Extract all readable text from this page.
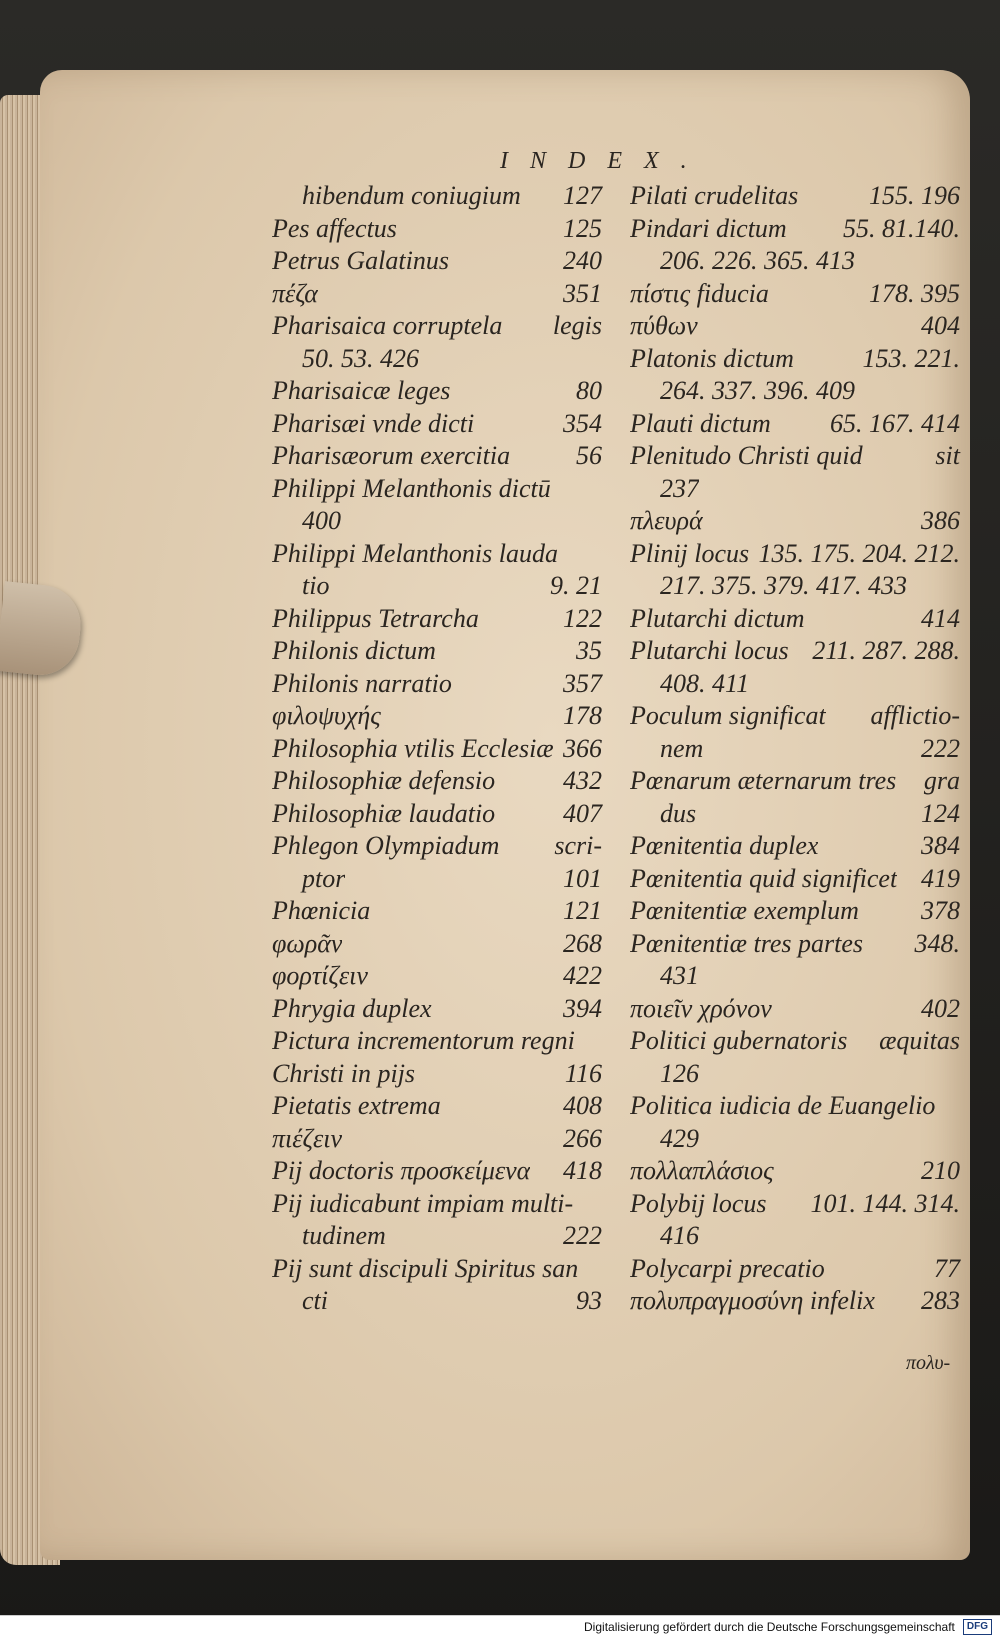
INDEX.
hibendum coniugium 127
Pes affectus	125
Petrus Galatinus	240
πέζα	351
Pharisaica corruptela legis
50. 53. 426
Pharisaicæ leges	80
Pharisæi vnde dicti	354
Pharisæorum exercitia	56
Philippi Melanthonis dictū
400
Philippi Melanthonis lauda
tio	9. 21
Philippus Tetrarcha	122
Philonis dictum	35
Philonis narratio	357
φιλοψυχής	178
Philosophia vtilis Ecclesiæ 366
Philosophiæ defensio	432
Philosophiæ laudatio	407
Phlegon Olympiadum scri-
ptor	101
Phœnicia	121
φωρᾶν	268
φορτίζειν	422
Phrygia duplex	394
Pictura incrementorum regni
Christi in pijs	116
Pietatis extrema	408
πιέζειν	266
Pij doctoris προσκείμενα 418
Pij iudicabunt impiam multi-
tudinem	222
Pij sunt discipuli Spiritus san
cti	93
Pilati crudelitas	155. 196
Pindari dictum 55. 81.140.
206. 226. 365. 413
πίστις fiducia	178. 395
πύθων	404
Platonis dictum	153. 221.
264. 337. 396. 409
Plauti dictum 65. 167. 414
Plenitudo Christi quid	sit
237
πλευρά	386
Plinij locus 135. 175. 204. 212.
217. 375. 379. 417. 433
Plutarchi dictum	414
Plutarchi locus 211. 287. 288.
408. 411
Poculum significat afflictio-
nem	222
Pœnarum æternarum tres gra
dus	124
Pœnitentia duplex	384
Pœnitentia quid significet 419
Pœnitentiæ exemplum 378
Pœnitentiæ tres partes 348.
431
ποιεῖν χρόνον	402
Politici gubernatoris æquitas
126
Politica iudicia de Euangelio
429
πολλαπλάσιος	210
Polybij locus 101. 144. 314.
416
Polycarpi precatio	77
πολυπραγμοσύνη infelix 283
πολυ-
Digitalisierung gefördert durch die Deutsche Forschungsgemeinschaft	DFG
